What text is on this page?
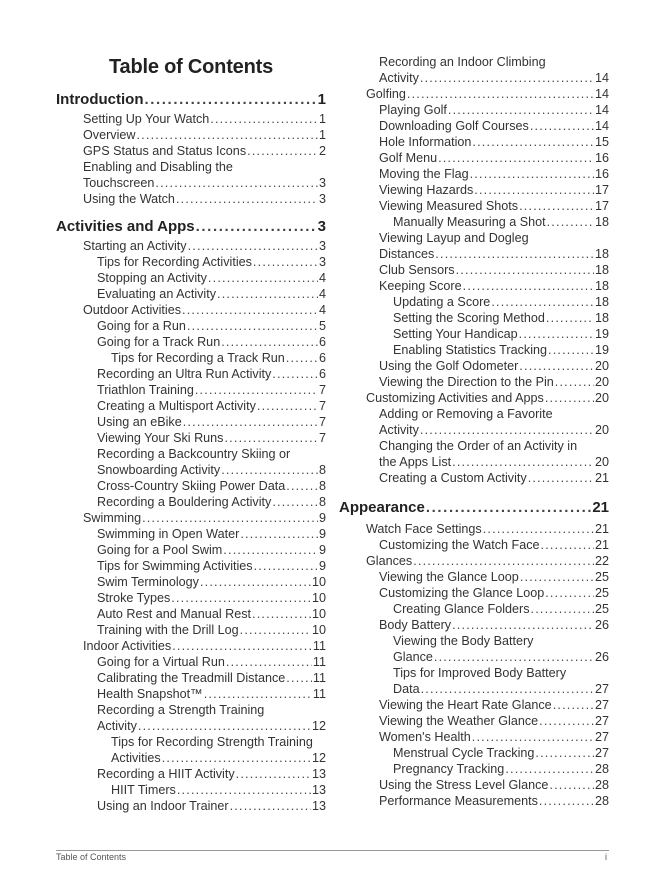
Table of Contents
Introduction .....	1
Setting Up Your Watch .....	1
Overview .....	1
GPS Status and Status Icons .....	2
Enabling and Disabling the
Touchscreen .....	3
Using the Watch .....	3
Activities and Apps .....	3
Starting an Activity .....	3
Tips for Recording Activities .....	3
Stopping an Activity .....	4
Evaluating an Activity .....	4
Outdoor Activities .....	4
Going for a Run .....	5
Going for a Track Run .....	6
Tips for Recording a Track Run .....	6
Recording an Ultra Run Activity .....	6
Triathlon Training .....	7
Creating a Multisport Activity .....	7
Using an eBike .....	7
Viewing Your Ski Runs .....	7
Recording a Backcountry Skiing or
Snowboarding Activity .....	8
Cross-Country Skiing Power Data .....	8
Recording a Bouldering Activity .....	8
Swimming .....	9
Swimming in Open Water .....	9
Going for a Pool Swim .....	9
Tips for Swimming Activities .....	9
Swim Terminology .....	10
Stroke Types .....	10
Auto Rest and Manual Rest .....	10
Training with the Drill Log .....	10
Indoor Activities .....	11
Going for a Virtual Run .....	11
Calibrating the Treadmill Distance ..... 11
Health Snapshot™ .....	11
Recording a Strength Training
Activity .....	12
Tips for Recording Strength Training
Activities .....	12
Recording a HIIT Activity .....	13
HIIT Timers .....	13
Using an Indoor Trainer .....	13
Recording an Indoor Climbing
Activity .....	14
Golfing .....	14
Playing Golf .....	14
Downloading Golf Courses .....	14
Hole Information .....	15
Golf Menu .....	16
Moving the Flag .....	16
Viewing Hazards .....	17
Viewing Measured Shots .....	17
Manually Measuring a Shot .....	18
Viewing Layup and Dogleg
Distances .....	18
Club Sensors .....	18
Keeping Score .....	18
Updating a Score .....	18
Setting the Scoring Method .....	18
Setting Your Handicap .....	19
Enabling Statistics Tracking .....	19
Using the Golf Odometer .....	20
Viewing the Direction to the Pin .....	20
Customizing Activities and Apps .....	20
Adding or Removing a Favorite
Activity .....	20
Changing the Order of an Activity in
the Apps List .....	20
Creating a Custom Activity .....	21
Appearance .....	21
Watch Face Settings .....	21
Customizing the Watch Face .....	21
Glances .....	22
Viewing the Glance Loop .....	25
Customizing the Glance Loop .....	25
Creating Glance Folders .....	25
Body Battery .....	26
Viewing the Body Battery
Glance .....	26
Tips for Improved Body Battery
Data .....	27
Viewing the Heart Rate Glance .....	27
Viewing the Weather Glance .....	27
Women's Health .....	27
Menstrual Cycle Tracking .....	27
Pregnancy Tracking .....	28
Using the Stress Level Glance .....	28
Performance Measurements .....	28
Table of Contents	i
